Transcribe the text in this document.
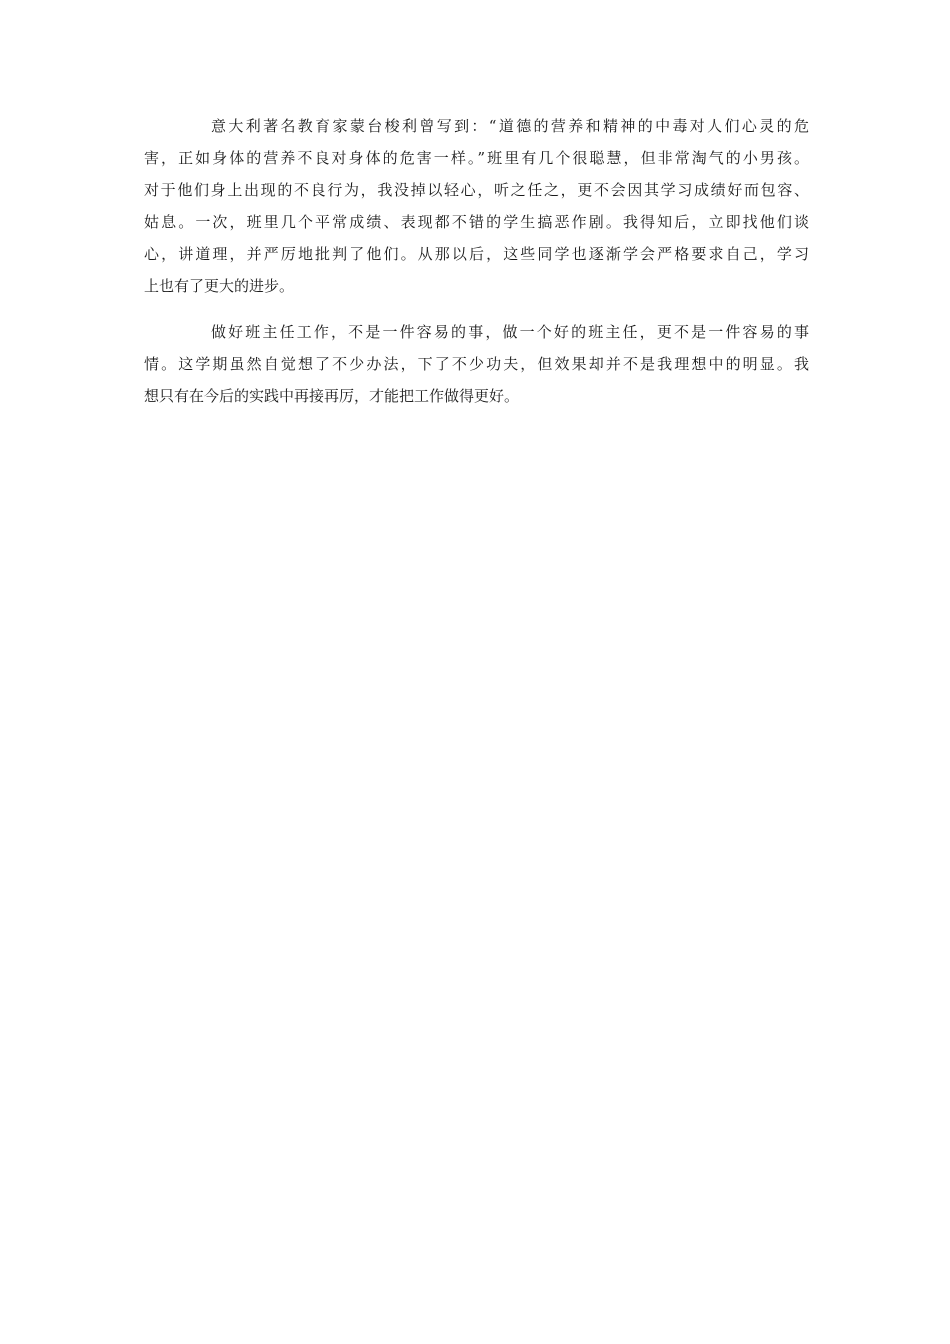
意大利著名教育家蒙台梭利曾写到：“道德的营养和精神的中毒对人们心灵的危
害，正如身体的营养不良对身体的危害一样。”班里有几个很聪慧，但非常淘气的小男孩。
对于他们身上出现的不良行为，我没掉以轻心，听之任之，更不会因其学习成绩好而包容、
姑息。一次，班里几个平常成绩、表现都不错的学生搞恶作剧。我得知后，立即找他们谈
心，讲道理，并严厉地批判了他们。从那以后，这些同学也逐渐学会严格要求自己，学习
上也有了更大的进步。
做好班主任工作，不是一件容易的事，做一个好的班主任，更不是一件容易的事
情。这学期虽然自觉想了不少办法，下了不少功夫，但效果却并不是我理想中的明显。我
想只有在今后的实践中再接再厉，才能把工作做得更好。
